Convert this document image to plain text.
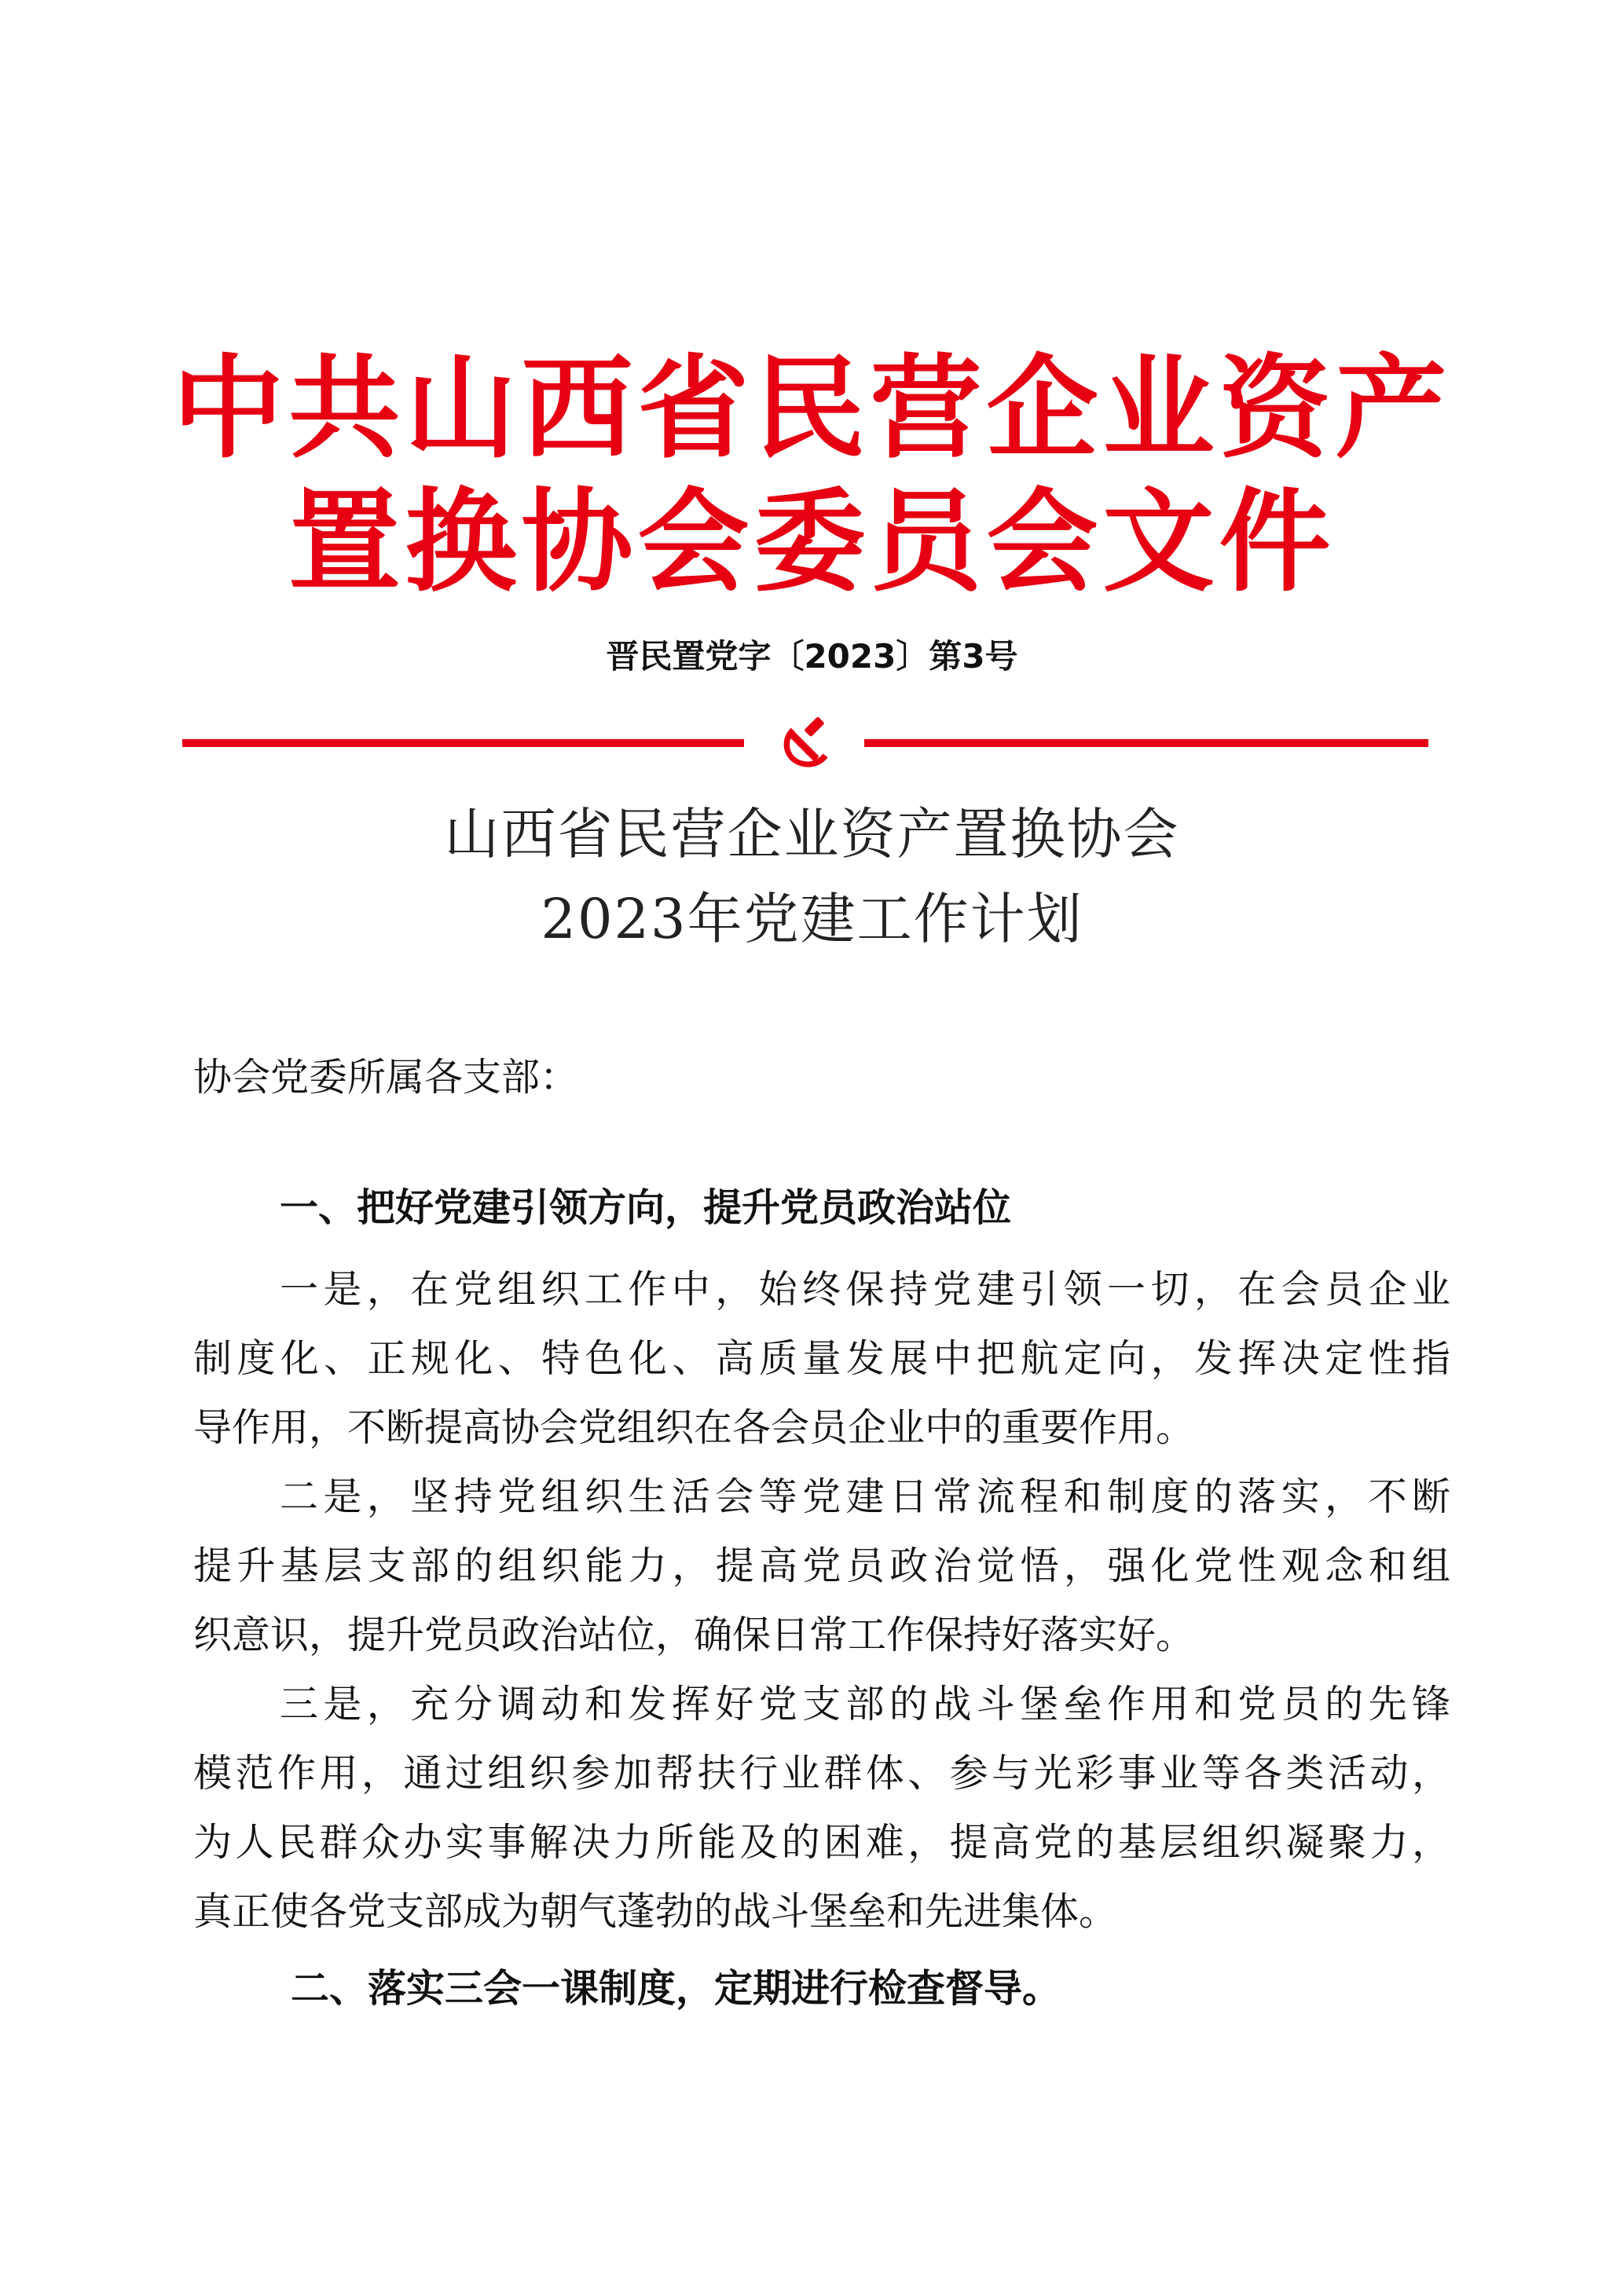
中共山西省民营企业资产
置换协会委员会文件
晋民置党字〔2023〕第3号
山西省民营企业资产置换协会
2023年党建工作计划
协会党委所属各支部：
一、把好党建引领方向，提升党员政治站位
一是，在党组织工作中，始终保持党建引领一切，在会员企业
制度化、正规化、特色化、高质量发展中把航定向，发挥决定性指
导作用，不断提高协会党组织在各会员企业中的重要作用。
二是，坚持党组织生活会等党建日常流程和制度的落实，不断
提升基层支部的组织能力，提高党员政治觉悟，强化党性观念和组
织意识，提升党员政治站位，确保日常工作保持好落实好。
三是，充分调动和发挥好党支部的战斗堡垒作用和党员的先锋
模范作用，通过组织参加帮扶行业群体、参与光彩事业等各类活动，
为人民群众办实事解决力所能及的困难，提高党的基层组织凝聚力，
真正使各党支部成为朝气蓬勃的战斗堡垒和先进集体。
二、落实三会一课制度，定期进行检查督导。
